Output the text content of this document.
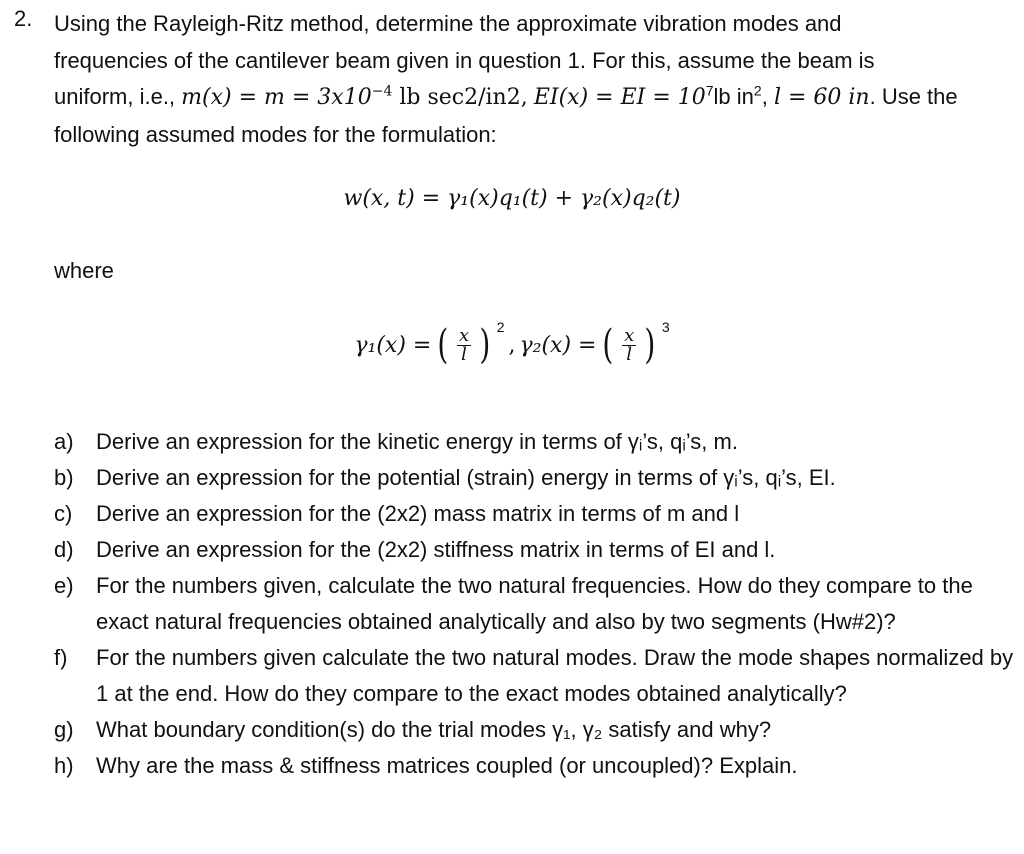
2. Using the Rayleigh-Ritz method, determine the approximate vibration modes and
frequencies of the cantilever beam given in question 1. For this, assume the beam is
uniform, i.e., $m(x) = m = 3x10^{-4}$ lb sec2/in2, EI(x) = EI = $10^7lb$ $in^2$, l = 60 in. Use the
following assumed modes for the formulation:
w(x, t) = γ₁(x)q₁(t) + γ₂(x)q₂(t)
where
γ₁(x) = ( $\frac{x}{l}$ ) 2
, γ₂(x) = ( $\frac{x}{l}$ ) 3
a)	Derive an expression for the kinetic energy in terms of γᵢ’s, qᵢ’s, m.
b)	Derive an expression for the potential (strain) energy in terms of γᵢ’s, qᵢ’s, EI.
c)	Derive an expression for the (2x2) mass matrix in terms of m and l
d)	Derive an expression for the (2x2) stiffness matrix in terms of EI and l.
e)	For the numbers given, calculate the two natural frequencies. How do they compare to the exact natural frequencies obtained analytically and also by two segments (Hw#2)?
f)	For the numbers given calculate the two natural modes. Draw the mode shapes normalized by 1 at the end. How do they compare to the exact modes obtained analytically?
g)	What boundary condition(s) do the trial modes γ₁, γ₂ satisfy and why?
h)	Why are the mass & stiffness matrices coupled (or uncoupled)? Explain.
